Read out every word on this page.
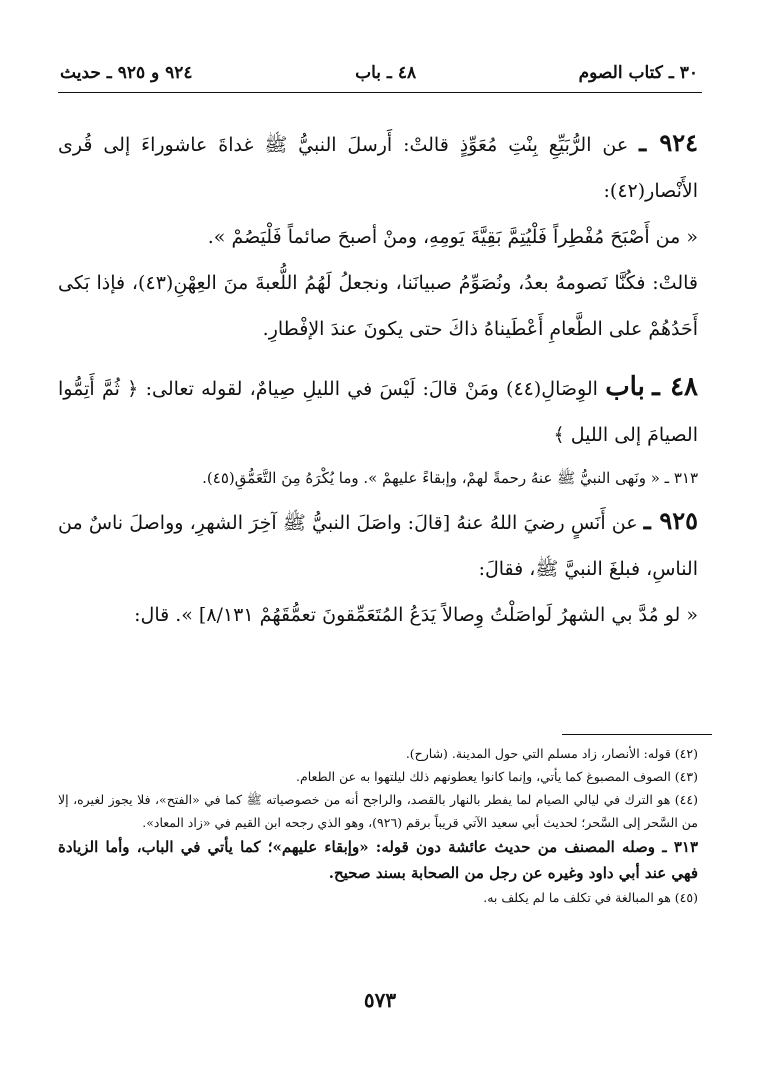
٣٠ ـ كتاب الصوم
٤٨ ـ باب
٩٢٤ و ٩٢٥ ـ حديث

٩٢٤ ـ عن الرُّبَيِّعِ بِنْتِ مُعَوِّذٍ قالتْ: أَرسلَ النبيُّ ﷺ غداةَ عاشوراءَ إلى قُرى الأَنْصار(٤٢):

« من أَصْبَحَ مُفْطِراً فَلْيُتِمَّ بَقِيَّةَ يَومِهِ، ومنْ أصبحَ صائماً فَلْيَصُمْ ».

قالتْ: فكُنَّا نَصومهُ بعدُ، ونُصَوِّمُ صبيانَنا، ونجعلُ لَهُمُ اللُّعبةَ منَ العِهْنِ(٤٣)، فإذا بَكى أَحَدُهُمْ على الطَّعامِ أَعْطَيناهُ ذاكَ حتى يكونَ عندَ الإفْطارِ.

٤٨ ـ باب الوِصَالِ(٤٤) ومَنْ قالَ: لَيْسَ في الليلِ صِيامٌ، لقوله تعالى: ﴿ ثُمَّ أَتِمُّوا الصيامَ إلى الليل ﴾

٣١٣ ـ « ونَهى النبيُّ ﷺ عنهُ رحمةً لهمْ، وإبقاءً عليهمْ ». وما يُكْرَهُ مِنَ التَّعَمُّقِ(٤٥).

٩٢٥ ـ عن أَنَسٍ رضيَ اللهُ عنهُ [قالَ: واصَلَ النبيُّ ﷺ آخِرَ الشهرِ، وواصلَ ناسٌ من الناسِ، فبلغَ النبيَّ ﷺ، فقالَ:

« لو مُدَّ بي الشهرُ لَواصَلْتُ وِصالاً يَدَعُ المُتَعَمِّقونَ تعمُّقَهُمْ ٨/١٣١] ». قال:

(٤٢) قوله: الأنصار، زاد مسلم التي حول المدينة. (شارح).

(٤٣) الصوف المصبوغ كما يأتي، وإنما كانوا يعطونهم ذلك ليلتهوا به عن الطعام.

(٤٤) هو الترك في ليالي الصيام لما يفطر بالنهار بالقصد، والراجح أنه من خصوصياته ﷺ كما في «الفتح»، فلا يجوز لغيره، إلا من السَّحر إلى السَّحر؛ لحديث أبي سعيد الآتي قريباً برقم (٩٢٦)، وهو الذي رجحه ابن القيم في «زاد المعاد».

٣١٣ ـ وصله المصنف من حديث عائشة دون قوله: «وإبقاء عليهم»؛ كما يأتي في الباب، وأما الزيادة فهي عند أبي داود وغيره عن رجل من الصحابة بسند صحيح.

(٤٥) هو المبالغة في تكلف ما لم يكلف به.

٥٧٣
